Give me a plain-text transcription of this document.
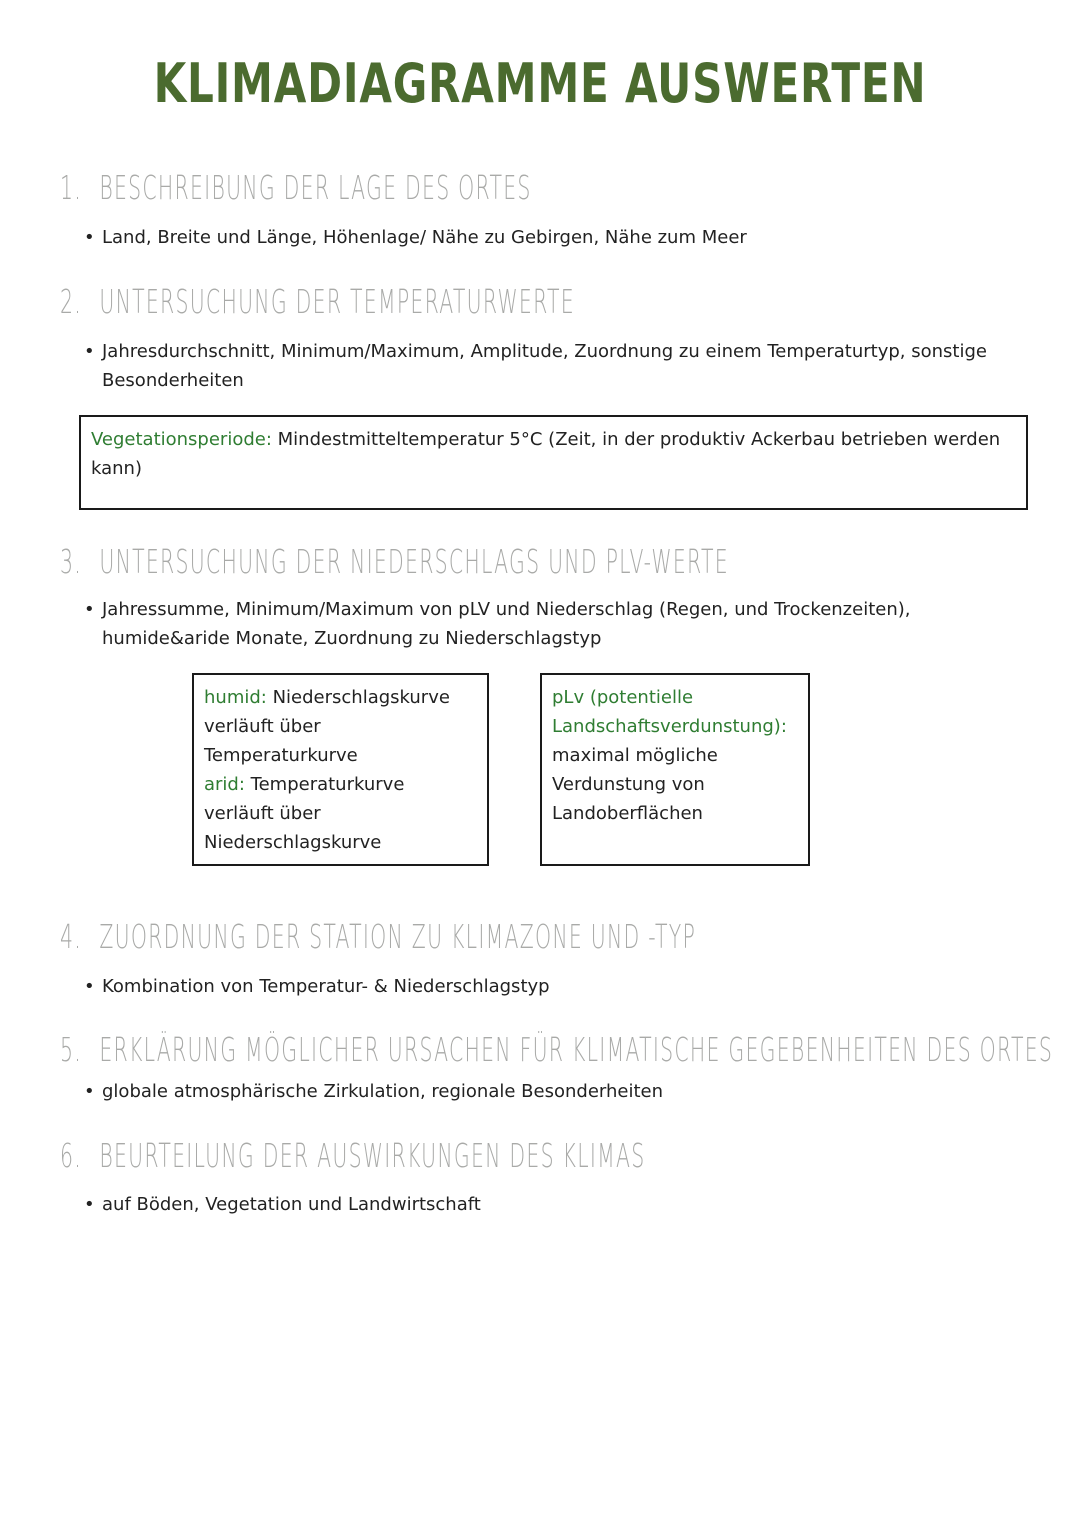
KLIMADIAGRAMME AUSWERTEN
1. BESCHREIBUNG DER LAGE DES ORTES
• Land, Breite und Länge, Höhenlage/ Nähe zu Gebirgen, Nähe zum Meer
2. UNTERSUCHUNG DER TEMPERATURWERTE
• Jahresdurchschnitt, Minimum/Maximum, Amplitude, Zuordnung zu einem Temperaturtyp, sonstige Besonderheiten
Vegetationsperiode: Mindestmitteltemperatur 5°C (Zeit, in der produktiv Ackerbau betrieben werden kann)
3. UNTERSUCHUNG DER NIEDERSCHLAGS UND PLV-WERTE
• Jahressumme, Minimum/Maximum von pLV und Niederschlag (Regen, und Trockenzeiten), humide&aride Monate, Zuordnung zu Niederschlagstyp
humid: Niederschlagskurve verläuft über Temperaturkurve
arid: Temperaturkurve verläuft über Niederschlagskurve
pLv (potentielle Landschaftsverdunstung): maximal mögliche Verdunstung von Landoberflächen
4. ZUORDNUNG DER STATION ZU KLIMAZONE UND -TYP
• Kombination von Temperatur- & Niederschlagstyp
5. ERKLÄRUNG MÖGLICHER URSACHEN FÜR KLIMATISCHE GEGEBENHEITEN DES ORTES
• globale atmosphärische Zirkulation, regionale Besonderheiten
6. BEURTEILUNG DER AUSWIRKUNGEN DES KLIMAS
• auf Böden, Vegetation und Landwirtschaft
